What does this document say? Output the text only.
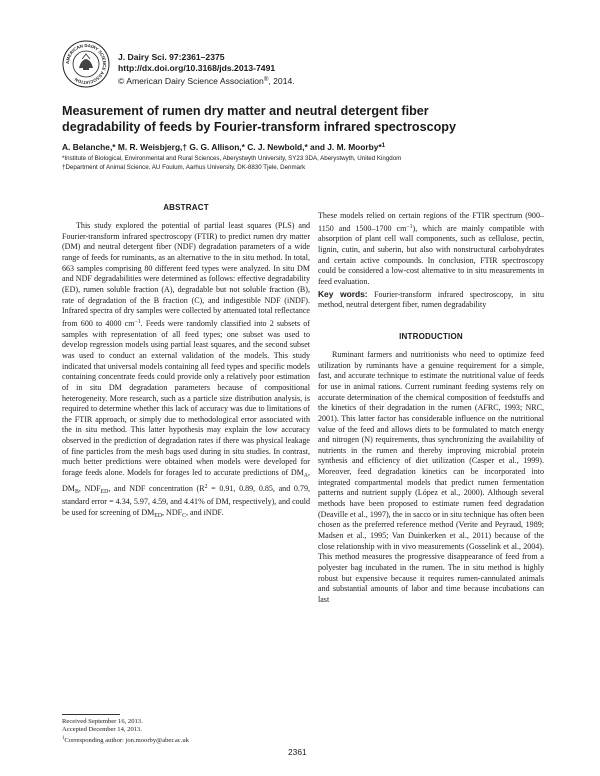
AMERICAN DAIRY SCIENCE ASSOCIATION
J. Dairy Sci. 97:2361–2375
http://dx.doi.org/10.3168/jds.2013-7491
© American Dairy Science Association®, 2014.
Measurement of rumen dry matter and neutral detergent fiber
degradability of feeds by Fourier-transform infrared spectroscopy
A. Belanche,* M. R. Weisbjerg,† G. G. Allison,* C. J. Newbold,* and J. M. Moorby*$^1$
*Institute of Biological, Environmental and Rural Sciences, Aberystwyth University, SY23 3DA, Aberystwyth, United Kingdom
†Department of Animal Science, AU Foulum, Aarhus University, DK-8830 Tjele, Denmark
ABSTRACT

This study explored the potential of partial least squares (PLS) and Fourier-transform infrared spectroscopy (FTIR) to predict rumen dry matter (DM) and neutral detergent fiber (NDF) degradation parameters of a wide range of feeds for ruminants, as an alternative to the in situ method. In total, 663 samples comprising 80 different feed types were analyzed. In situ DM and NDF degradabilities were determined as follows: effective degradability (ED), rumen soluble fraction (A), degradable but not soluble fraction (B), rate of degradation of the B fraction (C), and indigestible NDF (iNDF). Infrared spectra of dry samples were collected by attenuated total reflectance from 600 to 4000 $cm^{-1}$. Feeds were randomly classified into 2 subsets of samples with representation of all feed types; one subset was used to develop regression models using partial least squares, and the second subset was used to conduct an external validation of the models. This study indicated that universal models containing all feed types and specific models containing concentrate feeds could provide only a relatively poor estimation of in situ DM degradation parameters because of compositional heterogeneity. More research, such as a particle size distribution analysis, is required to determine whether this lack of accuracy was due to limitations of the FTIR approach, or simply due to methodological error associated with the in situ method. This latter hypothesis may explain the low accuracy observed in the prediction of degradation rates if there was physical leakage of fine particles from the mesh bags used during in situ studies. In contrast, much better predictions were obtained when models were developed for forage feeds alone. Models for forages led to accurate predictions of $DM_A$, $DM_B$, $NDF_{ED}$, and NDF concentration ($R^2 = 0.91$, 0.89, 0.85, and 0.79, standard error = 4.34, 5.97, 4.59, and 4.41% of DM, respectively), and could be used for screening of $DM_{ED}$, $NDF_C$, and iNDF.

These models relied on certain regions of the FTIR spectrum (900–1150 and 1500–1700 $cm^{-1}$), which are mainly compatible with absorption of plant cell wall components, such as cellulose, pectin, lignin, cutin, and suberin, but also with nonstructural carbohydrates and certain active compounds. In conclusion, FTIR spectroscopy could be considered a low-cost alternative to in situ measurements in feed evaluation.

Key words: Fourier-transform infrared spectroscopy, in situ method, neutral detergent fiber, rumen degradability

INTRODUCTION

Ruminant farmers and nutritionists who need to optimize feed utilization by ruminants have a genuine requirement for a simple, fast, and accurate technique to estimate the nutritional value of feeds for use in animal rations. Current ruminant feeding systems rely on accurate determination of the chemical composition of feedstuffs and the kinetics of their degradation in the rumen (AFRC, 1993; NRC, 2001). This latter factor has considerable influence on the nutritional value of the feed and allows diets to be formulated to match energy and nitrogen (N) requirements, thus synchronizing the availability of nutrients in the rumen and thereby improving microbial protein synthesis and efficiency of diet utilization (Casper et al., 1999). Moreover, feed degradation kinetics can be incorporated into integrated compartmental models that predict rumen fermentation patterns and nutrient supply (López et al., 2000). Although several methods have been proposed to estimate rumen feed degradation (Deaville et al., 1997), the in sacco or in situ technique has often been chosen as the preferred reference method (Verite and Peyraud, 1989; Madsen et al., 1995; Van Duinkerken et al., 2011) because of the close relationship with in vivo measurements (Gosselink et al., 2004). This method measures the progressive disappearance of feed from a polyester bag incubated in the rumen. The in situ method is highly robust but expensive because it requires rumen-cannulated animals and substantial amounts of labor and time because incubations can last

Received September 16, 2013.
Accepted December 14, 2013.
$^1$Corresponding author: jon.moorby@aber.ac.uk
2361
